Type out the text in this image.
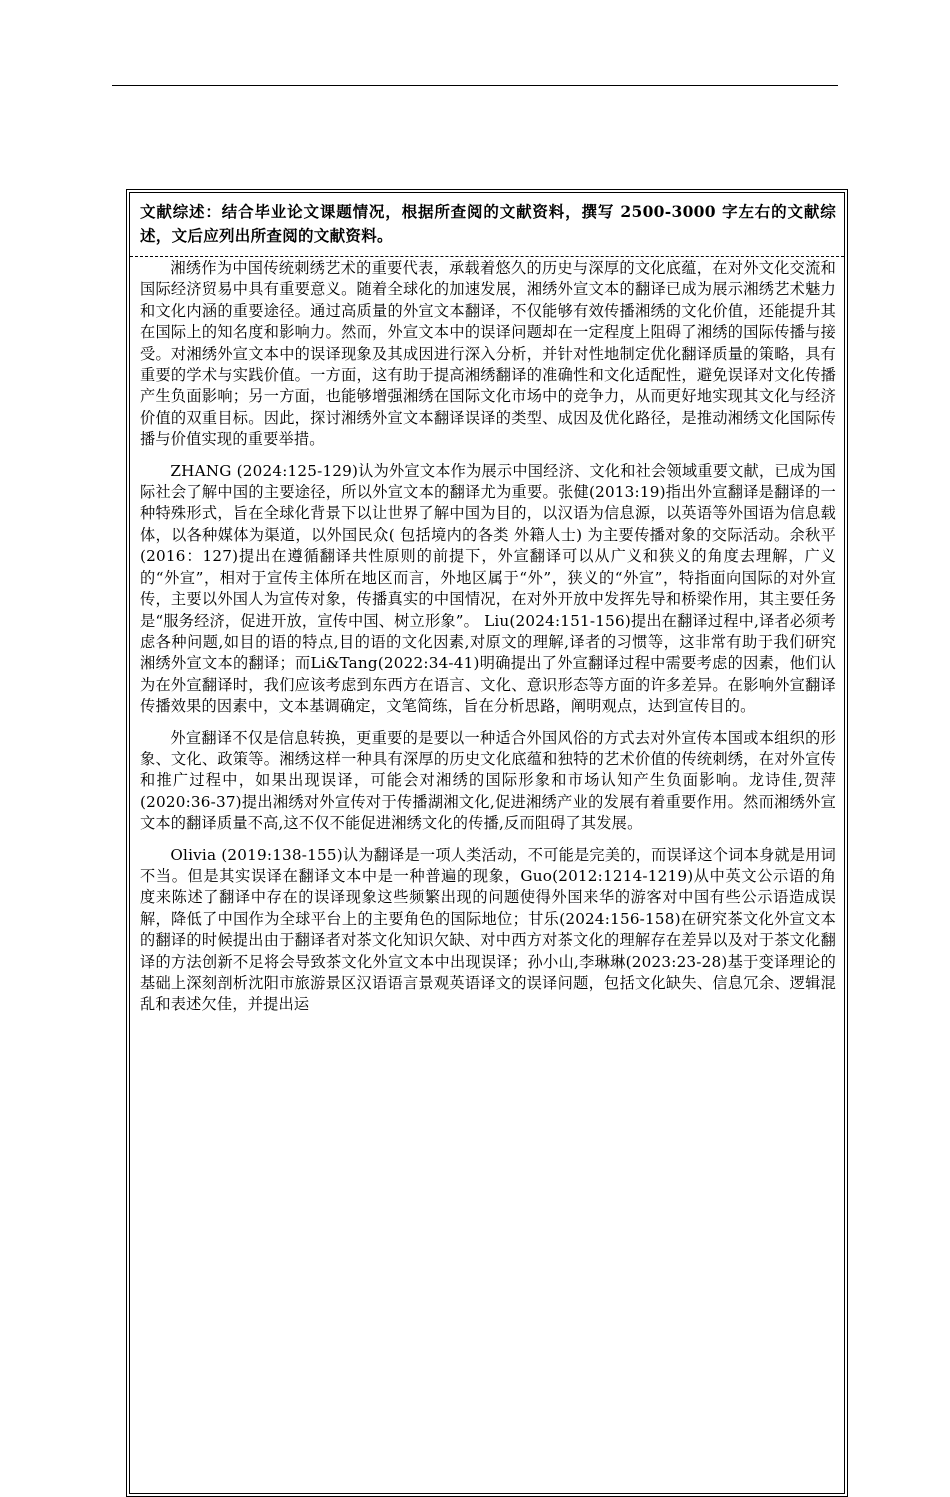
文献综述：结合毕业论文课题情况，根据所查阅的文献资料，撰写 2500-3000 字左右的文献综述，文后应列出所查阅的文献资料。

湘绣作为中国传统刺绣艺术的重要代表，承载着悠久的历史与深厚的文化底蕴，在对外文化交流和国际经济贸易中具有重要意义。随着全球化的加速发展，湘绣外宣文本的翻译已成为展示湘绣艺术魅力和文化内涵的重要途径。通过高质量的外宣文本翻译，不仅能够有效传播湘绣的文化价值，还能提升其在国际上的知名度和影响力。然而，外宣文本中的误译问题却在一定程度上阻碍了湘绣的国际传播与接受。对湘绣外宣文本中的误译现象及其成因进行深入分析，并针对性地制定优化翻译质量的策略，具有重要的学术与实践价值。一方面，这有助于提高湘绣翻译的准确性和文化适配性，避免误译对文化传播产生负面影响；另一方面，也能够增强湘绣在国际文化市场中的竞争力，从而更好地实现其文化与经济价值的双重目标。因此，探讨湘绣外宣文本翻译误译的类型、成因及优化路径，是推动湘绣文化国际传播与价值实现的重要举措。

ZHANG (2024:125-129)认为外宣文本作为展示中国经济、文化和社会领域重要文献，已成为国际社会了解中国的主要途径，所以外宣文本的翻译尤为重要。张健(2013:19)指出外宣翻译是翻译的一种特殊形式，旨在全球化背景下以让世界了解中国为目的，以汉语为信息源，以英语等外国语为信息载体，以各种媒体为渠道，以外国民众( 包括境内的各类 外籍人士) 为主要传播对象的交际活动。余秋平(2016：127)提出在遵循翻译共性原则的前提下，外宣翻译可以从广义和狭义的角度去理解，广义的“外宣”，相对于宣传主体所在地区而言，外地区属于“外”，狭义的“外宣”，特指面向国际的对外宣传，主要以外国人为宣传对象，传播真实的中国情况，在对外开放中发挥先导和桥梁作用，其主要任务是“服务经济，促进开放，宣传中国、树立形象”。 Liu(2024:151-156)提出在翻译过程中,译者必须考虑各种问题,如目的语的特点,目的语的文化因素,对原文的理解,译者的习惯等，这非常有助于我们研究湘绣外宣文本的翻译；而Li&Tang(2022:34-41)明确提出了外宣翻译过程中需要考虑的因素，他们认为在外宣翻译时，我们应该考虑到东西方在语言、文化、意识形态等方面的许多差异。在影响外宣翻译传播效果的因素中，文本基调确定，文笔简练，旨在分析思路，阐明观点，达到宣传目的。

外宣翻译不仅是信息转换，更重要的是要以一种适合外国风俗的方式去对外宣传本国或本组织的形象、文化、政策等。湘绣这样一种具有深厚的历史文化底蕴和独特的艺术价值的传统刺绣，在对外宣传和推广过程中，如果出现误译，可能会对湘绣的国际形象和市场认知产生负面影响。龙诗佳,贺萍(2020:36-37)提出湘绣对外宣传对于传播湖湘文化,促进湘绣产业的发展有着重要作用。然而湘绣外宣文本的翻译质量不高,这不仅不能促进湘绣文化的传播,反而阻碍了其发展。

Olivia (2019:138-155)认为翻译是一项人类活动，不可能是完美的，而误译这个词本身就是用词不当。但是其实误译在翻译文本中是一种普遍的现象，Guo(2012:1214-1219)从中英文公示语的角度来陈述了翻译中存在的误译现象这些频繁出现的问题使得外国来华的游客对中国有些公示语造成误解，降低了中国作为全球平台上的主要角色的国际地位；甘乐(2024:156-158)在研究茶文化外宣文本的翻译的时候提出由于翻译者对茶文化知识欠缺、对中西方对茶文化的理解存在差异以及对于茶文化翻译的方法创新不足将会导致茶文化外宣文本中出现误译；孙小山,李琳琳(2023:23-28)基于变译理论的基础上深刻剖析沈阳市旅游景区汉语语言景观英语译文的误译问题，包括文化缺失、信息冗余、逻辑混乱和表述欠佳，并提出运
